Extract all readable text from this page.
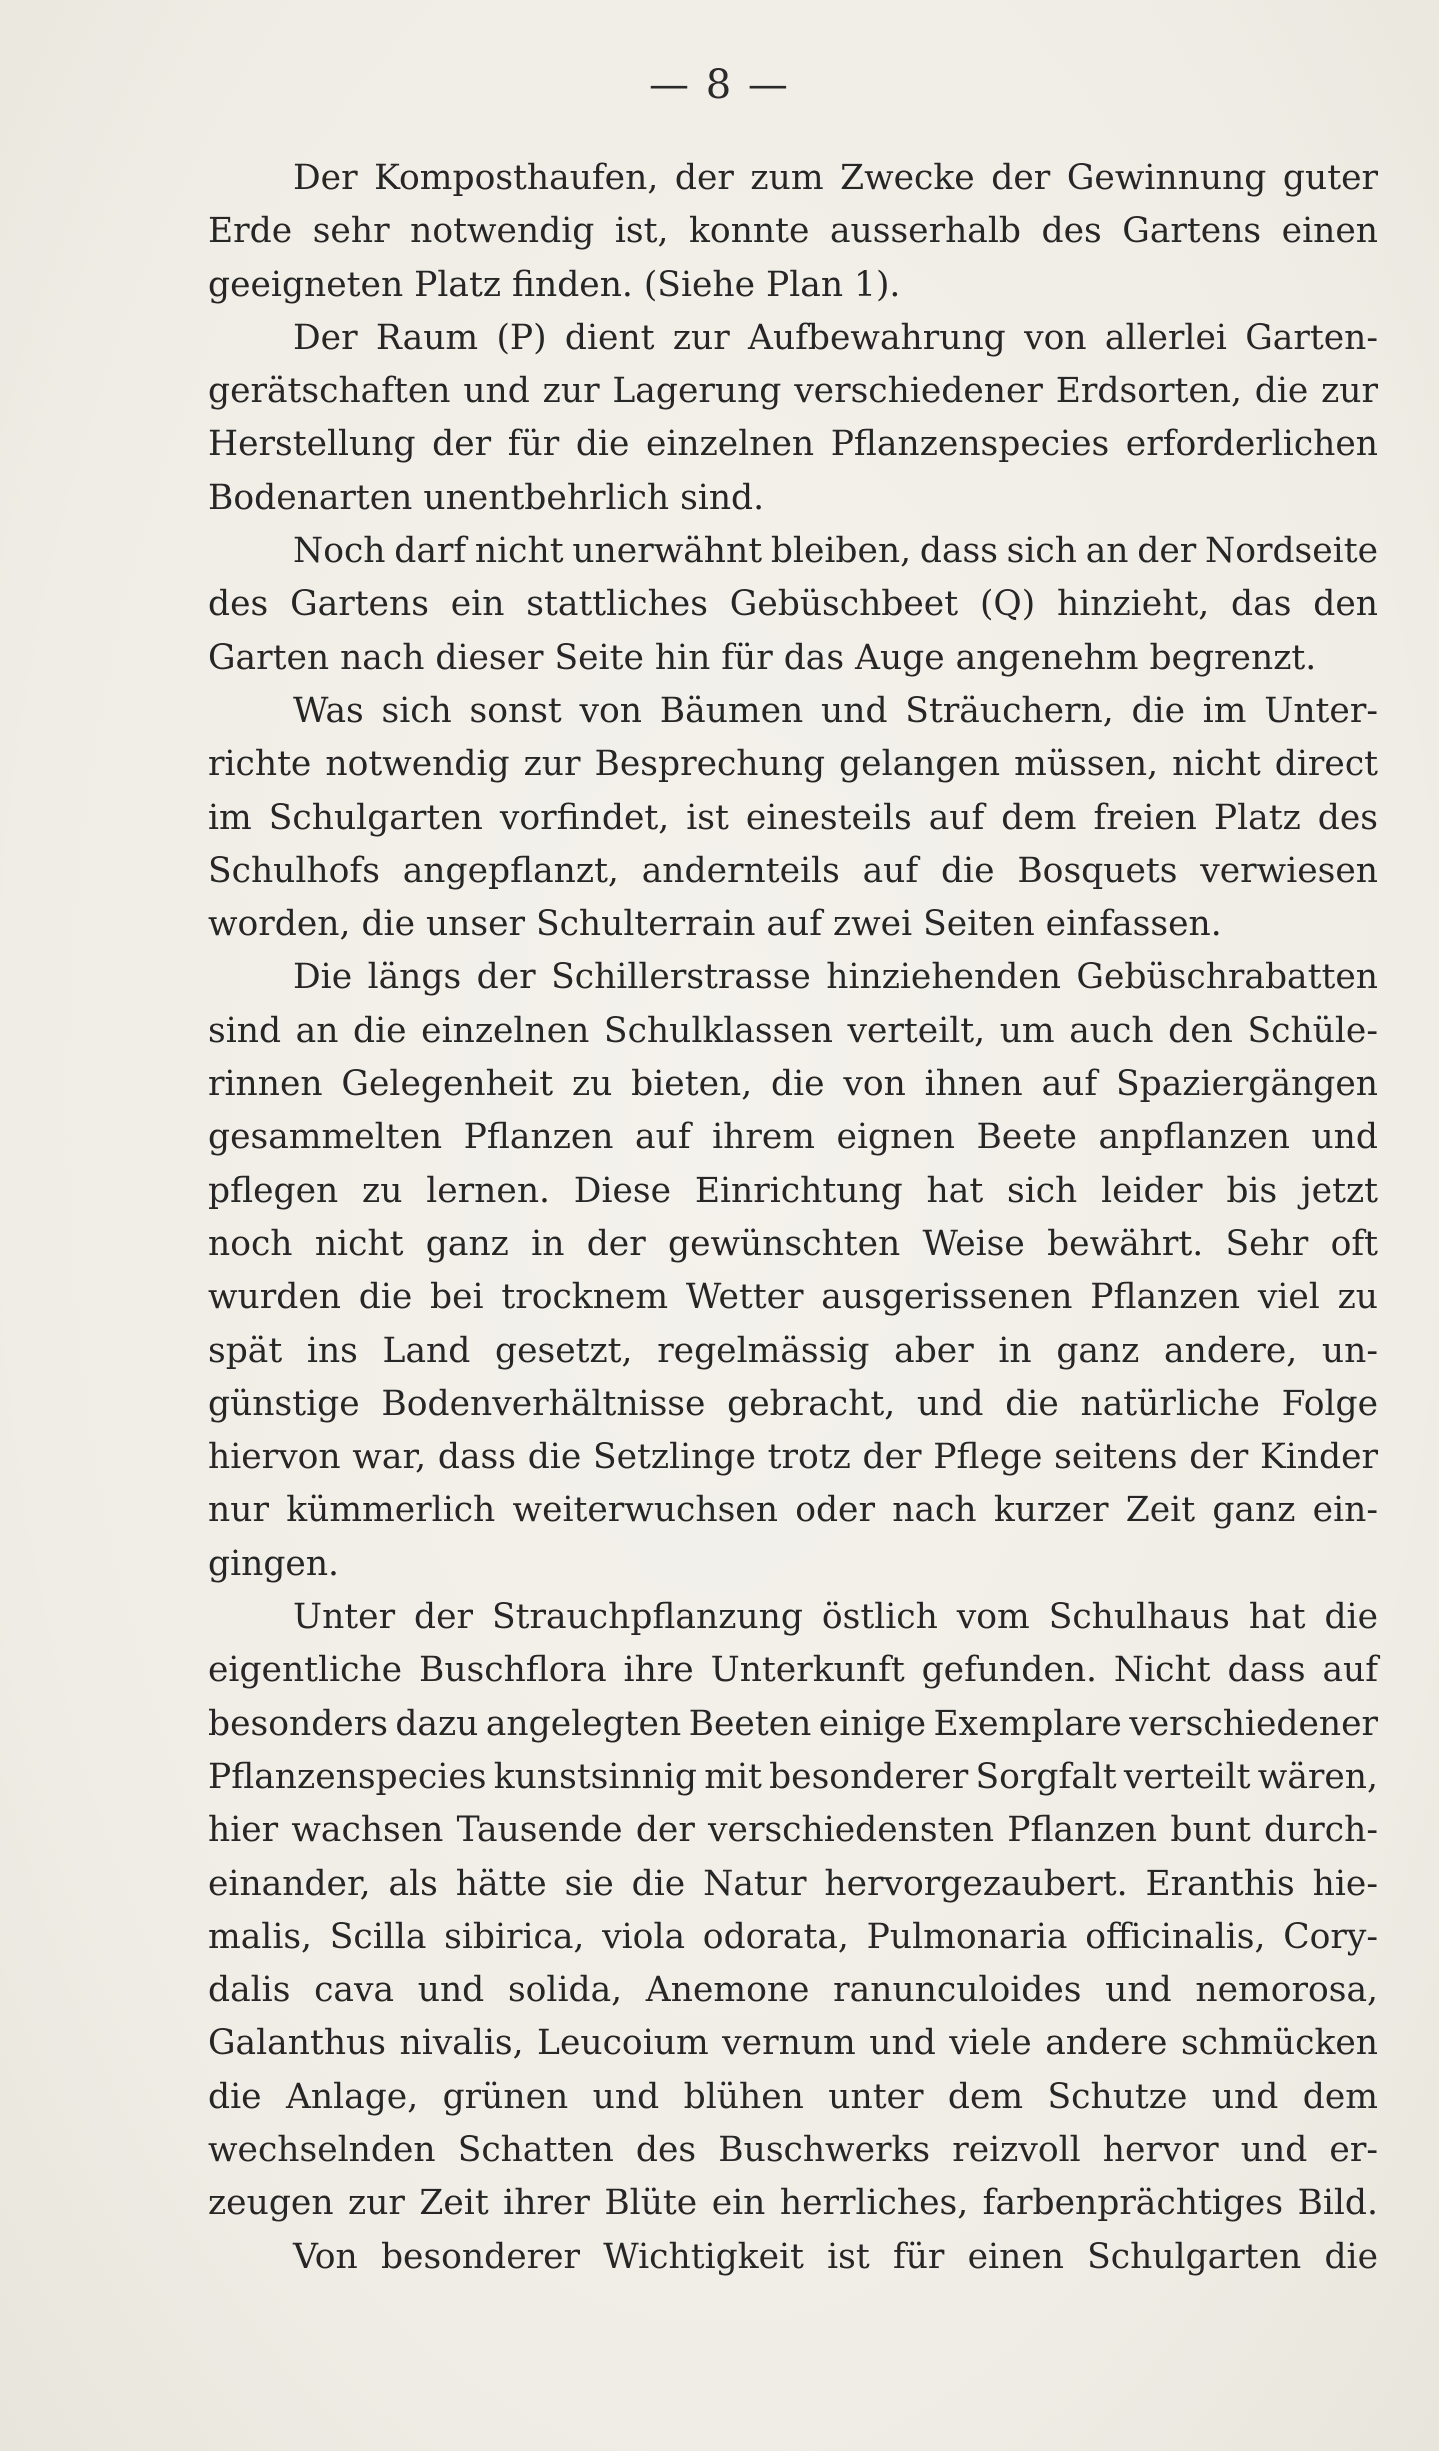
— 8 —
Der Komposthaufen, der zum Zwecke der Gewinnung guter
Erde sehr notwendig ist, konnte ausserhalb des Gartens einen
geeigneten Platz finden. (Siehe Plan 1).
Der Raum (P) dient zur Aufbewahrung von allerlei Garten-
gerätschaften und zur Lagerung verschiedener Erdsorten, die zur
Herstellung der für die einzelnen Pflanzenspecies erforderlichen
Bodenarten unentbehrlich sind.
Noch darf nicht unerwähnt bleiben, dass sich an der Nordseite
des Gartens ein stattliches Gebüschbeet (Q) hinzieht, das den
Garten nach dieser Seite hin für das Auge angenehm begrenzt.
Was sich sonst von Bäumen und Sträuchern, die im Unter-
richte notwendig zur Besprechung gelangen müssen, nicht direct
im Schulgarten vorfindet, ist einesteils auf dem freien Platz des
Schulhofs angepflanzt, andernteils auf die Bosquets verwiesen
worden, die unser Schulterrain auf zwei Seiten einfassen.
Die längs der Schillerstrasse hinziehenden Gebüschrabatten
sind an die einzelnen Schulklassen verteilt, um auch den Schüle-
rinnen Gelegenheit zu bieten, die von ihnen auf Spaziergängen
gesammelten Pflanzen auf ihrem eignen Beete anpflanzen und
pflegen zu lernen. Diese Einrichtung hat sich leider bis jetzt
noch nicht ganz in der gewünschten Weise bewährt. Sehr oft
wurden die bei trocknem Wetter ausgerissenen Pflanzen viel zu
spät ins Land gesetzt, regelmässig aber in ganz andere, un-
günstige Bodenverhältnisse gebracht, und die natürliche Folge
hiervon war, dass die Setzlinge trotz der Pflege seitens der Kinder
nur kümmerlich weiterwuchsen oder nach kurzer Zeit ganz ein-
gingen.
Unter der Strauchpflanzung östlich vom Schulhaus hat die
eigentliche Buschflora ihre Unterkunft gefunden. Nicht dass auf
besonders dazu angelegten Beeten einige Exemplare verschiedener
Pflanzenspecies kunstsinnig mit besonderer Sorgfalt verteilt wären,
hier wachsen Tausende der verschiedensten Pflanzen bunt durch-
einander, als hätte sie die Natur hervorgezaubert. Eranthis hie-
malis, Scilla sibirica, viola odorata, Pulmonaria officinalis, Cory-
dalis cava und solida, Anemone ranunculoides und nemorosa,
Galanthus nivalis, Leucoium vernum und viele andere schmücken
die Anlage, grünen und blühen unter dem Schutze und dem
wechselnden Schatten des Buschwerks reizvoll hervor und er-
zeugen zur Zeit ihrer Blüte ein herrliches, farbenprächtiges Bild.
Von besonderer Wichtigkeit ist für einen Schulgarten die
